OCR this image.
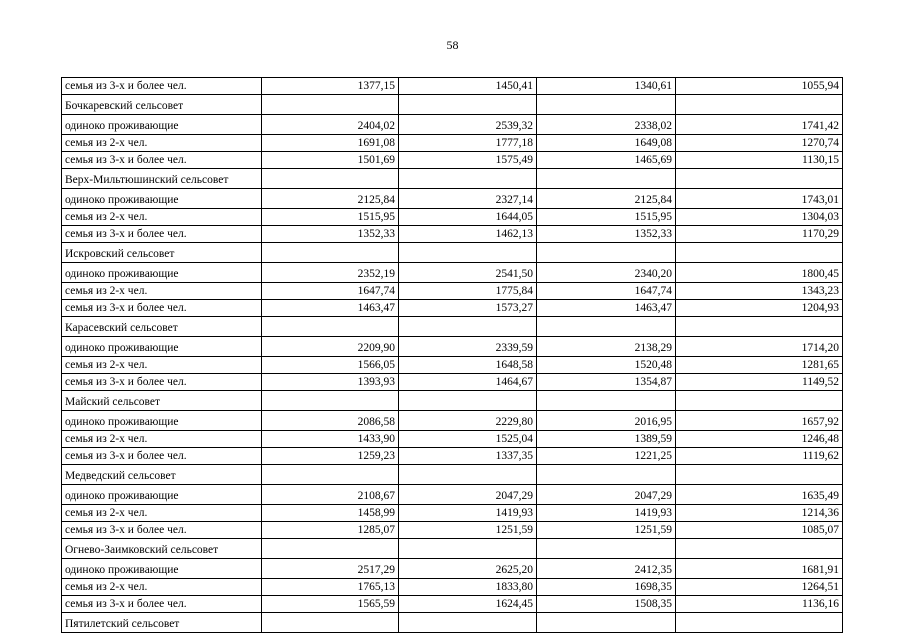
58
семья из 3-х и более чел.	1377,15	1450,41	1340,61	1055,94
Бочкаревский сельсовет				
одиноко проживающие	2404,02	2539,32	2338,02	1741,42
семья из 2-х чел.	1691,08	1777,18	1649,08	1270,74
семья из 3-х и более чел.	1501,69	1575,49	1465,69	1130,15
Верх-Мильтюшинский сельсовет				
одиноко проживающие	2125,84	2327,14	2125,84	1743,01
семья из 2-х чел.	1515,95	1644,05	1515,95	1304,03
семья из 3-х и более чел.	1352,33	1462,13	1352,33	1170,29
Искровский сельсовет				
одиноко проживающие	2352,19	2541,50	2340,20	1800,45
семья из 2-х чел.	1647,74	1775,84	1647,74	1343,23
семья из 3-х и более чел.	1463,47	1573,27	1463,47	1204,93
Карасевский сельсовет				
одиноко проживающие	2209,90	2339,59	2138,29	1714,20
семья из 2-х чел.	1566,05	1648,58	1520,48	1281,65
семья из 3-х и более чел.	1393,93	1464,67	1354,87	1149,52
Майский сельсовет				
одиноко проживающие	2086,58	2229,80	2016,95	1657,92
семья из 2-х чел.	1433,90	1525,04	1389,59	1246,48
семья из 3-х и более чел.	1259,23	1337,35	1221,25	1119,62
Медведский сельсовет				
одиноко проживающие	2108,67	2047,29	2047,29	1635,49
семья из 2-х чел.	1458,99	1419,93	1419,93	1214,36
семья из 3-х и более чел.	1285,07	1251,59	1251,59	1085,07
Огнево-Заимковский сельсовет				
одиноко проживающие	2517,29	2625,20	2412,35	1681,91
семья из 2-х чел.	1765,13	1833,80	1698,35	1264,51
семья из 3-х и более чел.	1565,59	1624,45	1508,35	1136,16
Пятилетский сельсовет				
